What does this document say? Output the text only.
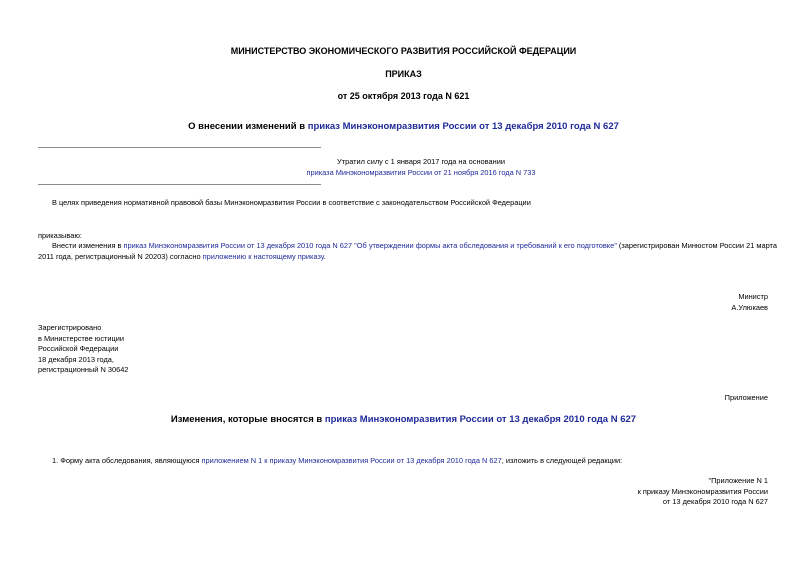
МИНИСТЕРСТВО ЭКОНОМИЧЕСКОГО РАЗВИТИЯ РОССИЙСКОЙ ФЕДЕРАЦИИ
ПРИКАЗ
от 25 октября 2013 года N 621
О внесении изменений в приказ Минэкономразвития России от 13 декабря 2010 года N 627
Утратил силу с 1 января 2017 года на основании
приказа Минэкономразвития России от 21 ноября 2016 года N 733
В целях приведения нормативной правовой базы Минэкономразвития России в соответствие с законодательством Российской Федерации
приказываю:
Внести изменения в приказ Минэкономразвития России от 13 декабря 2010 года N 627 "Об утверждении формы акта обследования и требований к его подготовке" (зарегистрирован Минюстом России 21 марта
2011 года, регистрационный N 20203) согласно приложению к настоящему приказу.
Министр
А.Улюкаев
Зарегистрировано
в Министерстве юстиции
Российской Федерации
18 декабря 2013 года,
регистрационный N 30642
Приложение
Изменения, которые вносятся в приказ Минэкономразвития России от 13 декабря 2010 года N 627
1. Форму акта обследования, являющуюся приложением N 1 к приказу Минэкономразвития России от 13 декабря 2010 года N 627, изложить в следующей редакции:
"Приложение N 1
к приказу Минэкономразвития России
от 13 декабря 2010 года N 627
